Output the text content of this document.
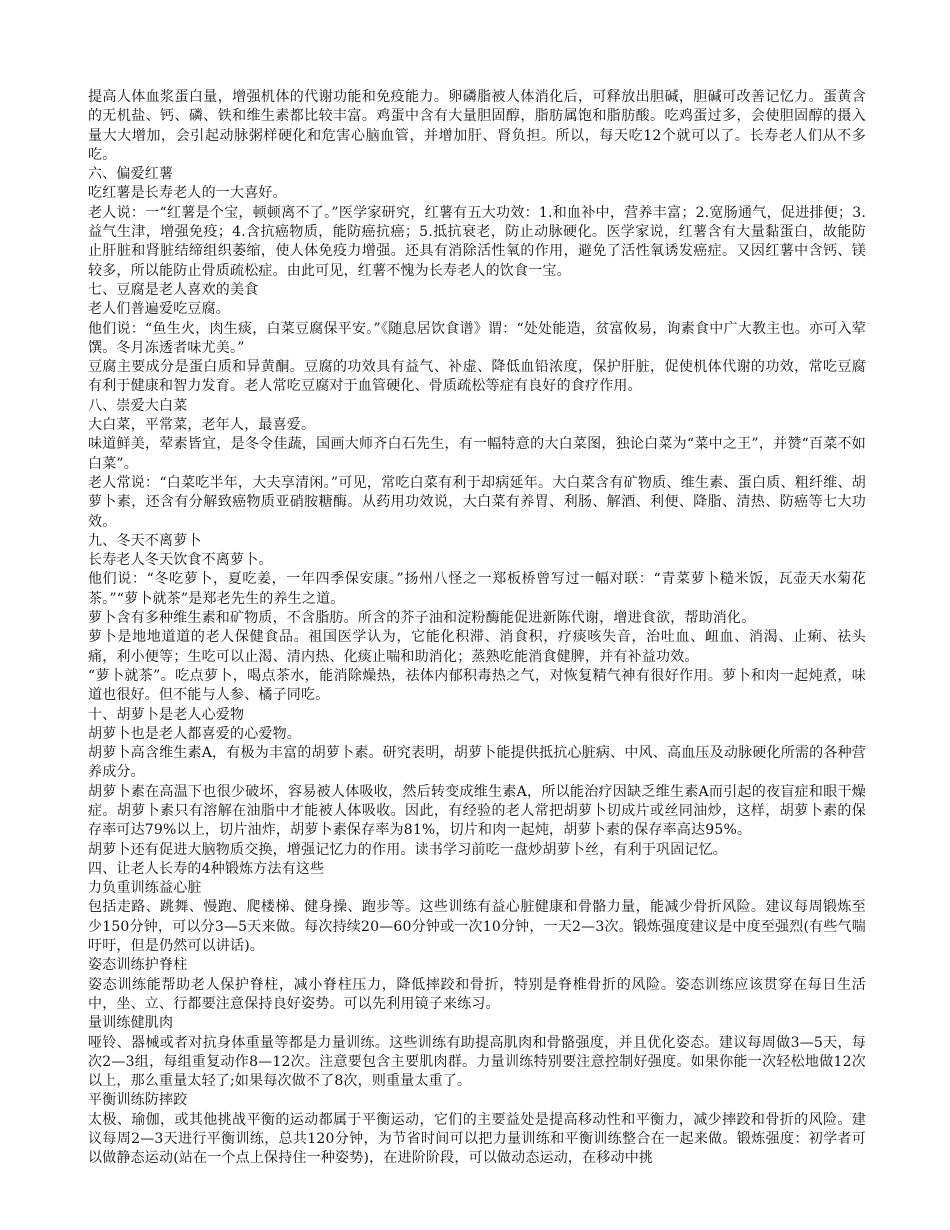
提高人体血浆蛋白量，增强机体的代谢功能和免疫能力。卵磷脂被人体消化后，可释放出胆碱，胆碱可改善记忆力。蛋黄含的无机盐、钙、磷、铁和维生素都比较丰富。鸡蛋中含有大量胆固醇，脂肪属饱和脂肪酸。吃鸡蛋过多，会使胆固醇的摄入量大大增加，会引起动脉粥样硬化和危害心脑血管，并增加肝、肾负担。所以，每天吃12个就可以了。长寿老人们从不多吃。

六、偏爱红薯

吃红薯是长寿老人的一大喜好。

老人说：一“红薯是个宝，顿顿离不了。”医学家研究，红薯有五大功效：1.和血补中，营养丰富；2.宽肠通气，促进排便；3.益气生津，增强免疫；4.含抗癌物质，能防癌抗癌；5.抵抗衰老，防止动脉硬化。医学家说，红薯含有大量黏蛋白，故能防止肝脏和肾脏结缔组织萎缩，使人体免疫力增强。还具有消除活性氧的作用，避免了活性氧诱发癌症。又因红薯中含钙、镁较多，所以能防止骨质疏松症。由此可见，红薯不愧为长寿老人的饮食一宝。

七、豆腐是老人喜欢的美食

老人们普遍爱吃豆腐。

他们说：“鱼生火，肉生痰，白菜豆腐保平安。”《随息居饮食谱》谓：“处处能造，贫富攸易，询素食中广大教主也。亦可入荤馔。冬月冻透者味尤美。”

豆腐主要成分是蛋白质和异黄酮。豆腐的功效具有益气、补虚、降低血铅浓度，保护肝脏，促使机体代谢的功效，常吃豆腐有利于健康和智力发育。老人常吃豆腐对于血管硬化、骨质疏松等症有良好的食疗作用。

八、崇爱大白菜

大白菜，平常菜，老年人，最喜爱。

味道鲜美，荤素皆宜，是冬令佳蔬，国画大师齐白石先生，有一幅特意的大白菜图，独论白菜为“菜中之王”，并赞“百菜不如白菜”。

老人常说：“白菜吃半年，大夫享清闲。”可见，常吃白菜有利于却病延年。大白菜含有矿物质、维生素、蛋白质、粗纤维、胡萝卜素，还含有分解致癌物质亚硝胺糖酶。从药用功效说，大白菜有养胃、利肠、解酒、利便、降脂、清热、防癌等七大功效。

九、冬天不离萝卜

长寿老人冬天饮食不离萝卜。

他们说：“冬吃萝卜，夏吃姜，一年四季保安康。”扬州八怪之一郑板桥曾写过一幅对联：“青菜萝卜糙米饭，瓦壶天水菊花茶。”“萝卜就茶”是郑老先生的养生之道。

萝卜含有多种维生素和矿物质，不含脂肪。所含的芥子油和淀粉酶能促进新陈代谢，增进食欲，帮助消化。

萝卜是地地道道的老人保健食品。祖国医学认为，它能化积滞、消食积，疗痰咳失音，治吐血、衄血、消渴、止痢、祛头痛，利小便等；生吃可以止渴、清内热、化痰止喘和助消化；蒸熟吃能消食健脾，并有补益功效。

“萝卜就茶”。吃点萝卜，喝点茶水，能消除燥热，祛体内郁积毒热之气，对恢复精气神有很好作用。萝卜和肉一起炖煮，味道也很好。但不能与人参、橘子同吃。

十、胡萝卜是老人心爱物

胡萝卜也是老人都喜爱的心爱物。

胡萝卜高含维生素A，有极为丰富的胡萝卜素。研究表明，胡萝卜能提供抵抗心脏病、中风、高血压及动脉硬化所需的各种营养成分。

胡萝卜素在高温下也很少破坏，容易被人体吸收，然后转变成维生素A，所以能治疗因缺乏维生素A而引起的夜盲症和眼干燥症。胡萝卜素只有溶解在油脂中才能被人体吸收。因此，有经验的老人常把胡萝卜切成片或丝同油炒，这样，胡萝卜素的保存率可达79%以上，切片油炸，胡萝卜素保存率为81%，切片和肉一起炖，胡萝卜素的保存率高达95%。

胡萝卜还有促进大脑物质交换，增强记忆力的作用。读书学习前吃一盘炒胡萝卜丝，有利于巩固记忆。

四、让老人长寿的4种锻炼方法有这些

力负重训练益心脏

包括走路、跳舞、慢跑、爬楼梯、健身操、跑步等。这些训练有益心脏健康和骨骼力量，能减少骨折风险。建议每周锻炼至少150分钟，可以分3—5天来做。每次持续20—60分钟或一次10分钟，一天2—3次。锻炼强度建议是中度至强烈(有些气喘吁吁，但是仍然可以讲话)。

姿态训练护脊柱

姿态训练能帮助老人保护脊柱，减小脊柱压力，降低摔跤和骨折，特别是脊椎骨折的风险。姿态训练应该贯穿在每日生活中，坐、立、行都要注意保持良好姿势。可以先利用镜子来练习。

量训练健肌肉

哑铃、器械或者对抗身体重量等都是力量训练。这些训练有助提高肌肉和骨骼强度，并且优化姿态。建议每周做3—5天，每次2—3组，每组重复动作8—12次。注意要包含主要肌肉群。力量训练特别要注意控制好强度。如果你能一次轻松地做12次以上，那么重量太轻了;如果每次做不了8次，则重量太重了。

平衡训练防摔跤

太极、瑜伽，或其他挑战平衡的运动都属于平衡运动，它们的主要益处是提高移动性和平衡力，减少摔跤和骨折的风险。建议每周2—3天进行平衡训练，总共120分钟，为节省时间可以把力量训练和平衡训练整合在一起来做。锻炼强度：初学者可以做静态运动(站在一个点上保持住一种姿势)，在进阶阶段，可以做动态运动，在移动中挑
